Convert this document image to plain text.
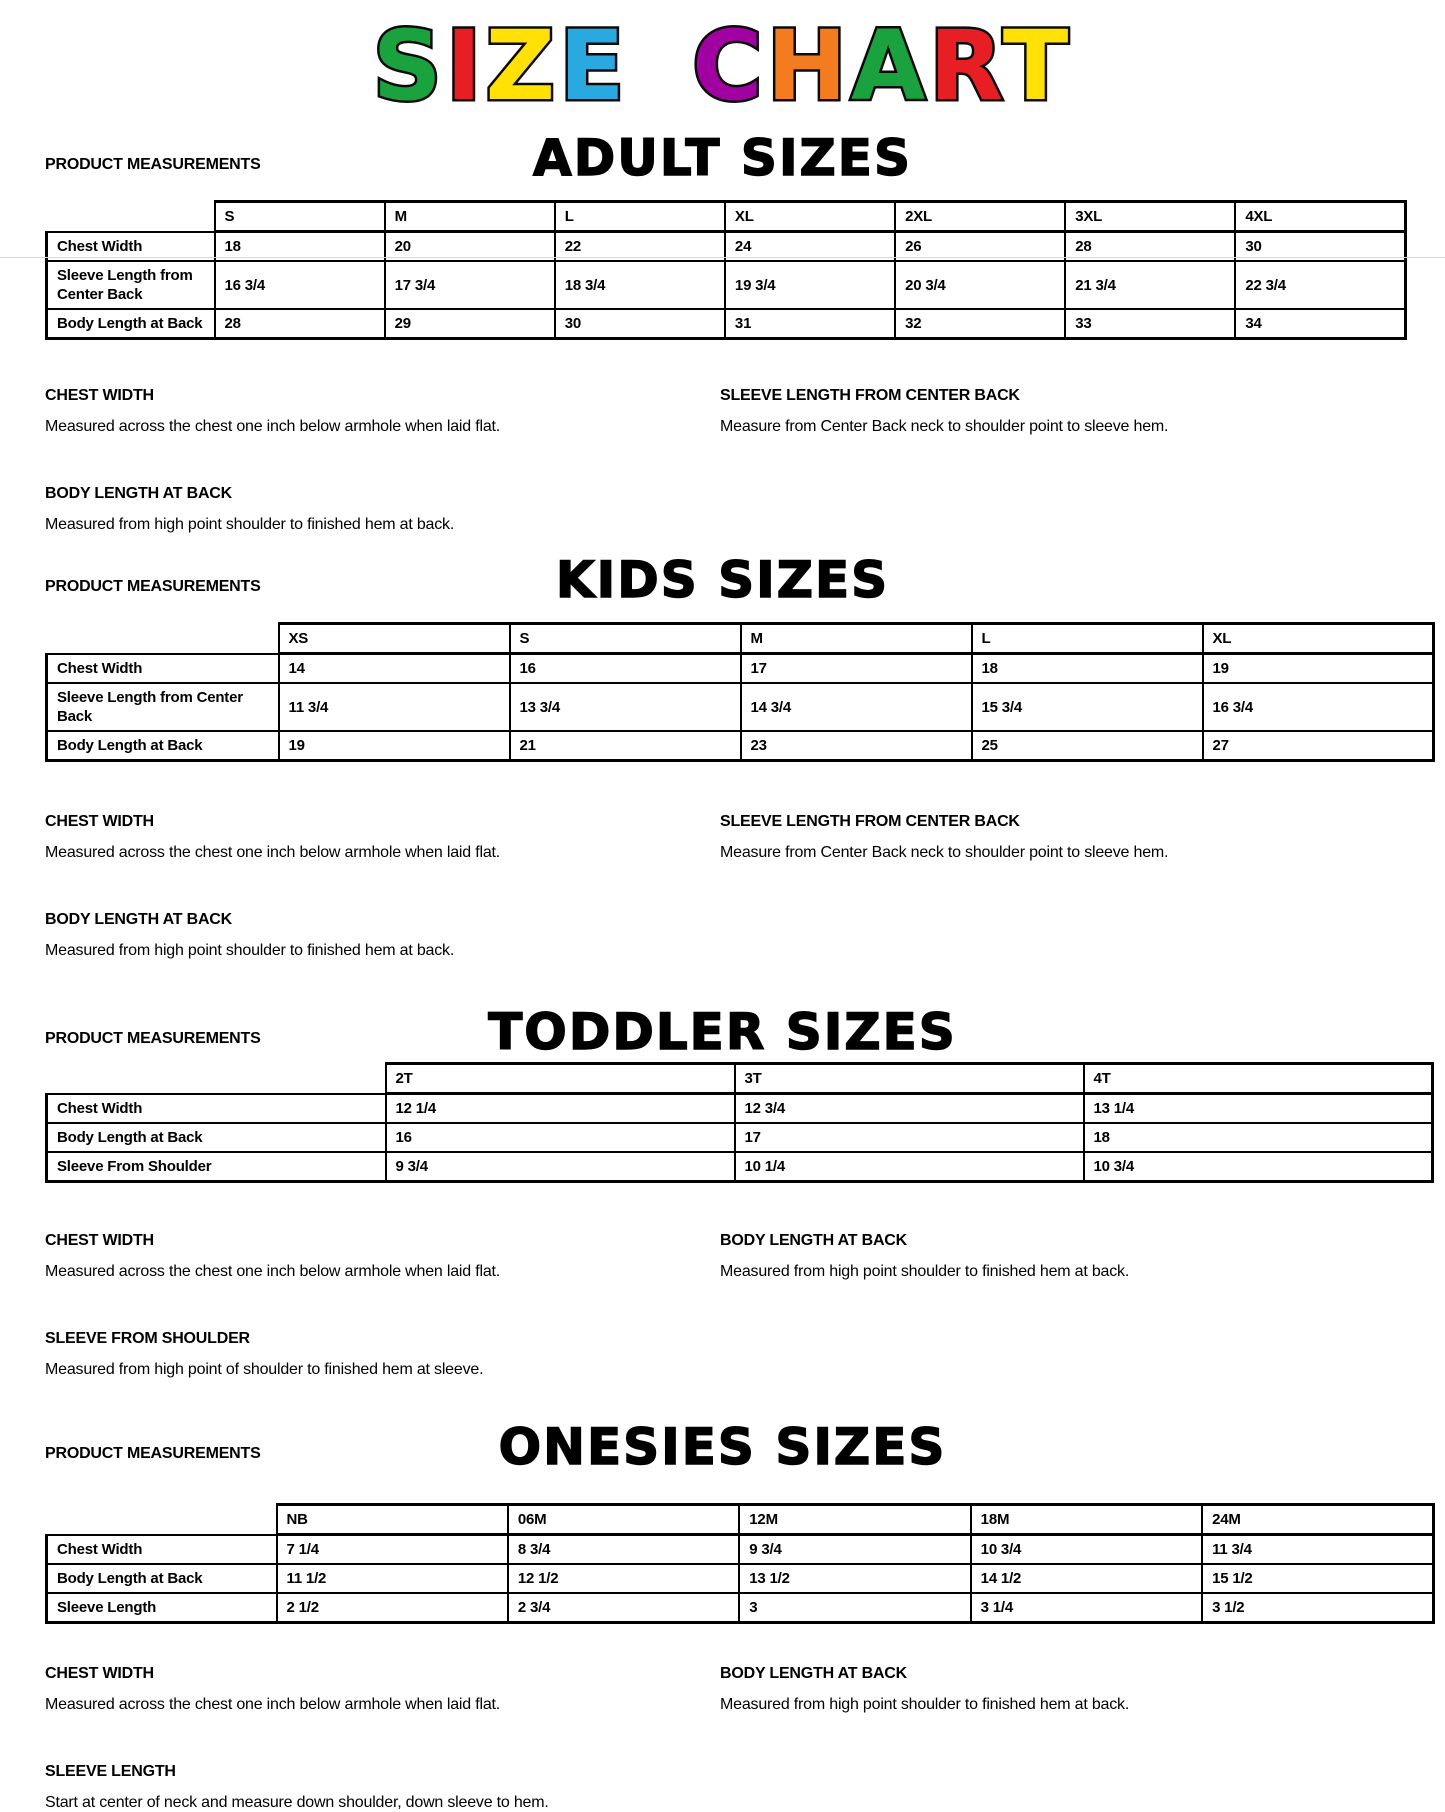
SIZE CHART
PRODUCT MEASUREMENTS	ADULT SIZES
	S	M	L	XL	2XL	3XL	4XL
Chest Width	18	20	22	24	26	28	30
Sleeve Length from Center Back	16 3/4	17 3/4	18 3/4	19 3/4	20 3/4	21 3/4	22 3/4
Body Length at Back	28	29	30	31	32	33	34
CHEST WIDTH

Measured across the chest one inch below armhole when laid flat.

SLEEVE LENGTH FROM CENTER BACK

Measure from Center Back neck to shoulder point to sleeve hem.

BODY LENGTH AT BACK

Measured from high point shoulder to finished hem at back.

PRODUCT MEASUREMENTS	KIDS SIZES
	XS	S	M	L	XL
Chest Width	14	16	17	18	19
Sleeve Length from Center Back	11 3/4	13 3/4	14 3/4	15 3/4	16 3/4
Body Length at Back	19	21	23	25	27
CHEST WIDTH

Measured across the chest one inch below armhole when laid flat.

SLEEVE LENGTH FROM CENTER BACK

Measure from Center Back neck to shoulder point to sleeve hem.

BODY LENGTH AT BACK

Measured from high point shoulder to finished hem at back.

PRODUCT MEASUREMENTS	TODDLER SIZES
	2T	3T	4T
Chest Width	12 1/4	12 3/4	13 1/4
Body Length at Back	16	17	18
Sleeve From Shoulder	9 3/4	10 1/4	10 3/4
CHEST WIDTH

Measured across the chest one inch below armhole when laid flat.

BODY LENGTH AT BACK

Measured from high point shoulder to finished hem at back.

SLEEVE FROM SHOULDER

Measured from high point of shoulder to finished hem at sleeve.

PRODUCT MEASUREMENTS	ONESIES SIZES
	NB	06M	12M	18M	24M
Chest Width	7 1/4	8 3/4	9 3/4	10 3/4	11 3/4
Body Length at Back	11 1/2	12 1/2	13 1/2	14 1/2	15 1/2
Sleeve Length	2 1/2	2 3/4	3	3 1/4	3 1/2
CHEST WIDTH

Measured across the chest one inch below armhole when laid flat.

BODY LENGTH AT BACK

Measured from high point shoulder to finished hem at back.

SLEEVE LENGTH

Start at center of neck and measure down shoulder, down sleeve to hem.
